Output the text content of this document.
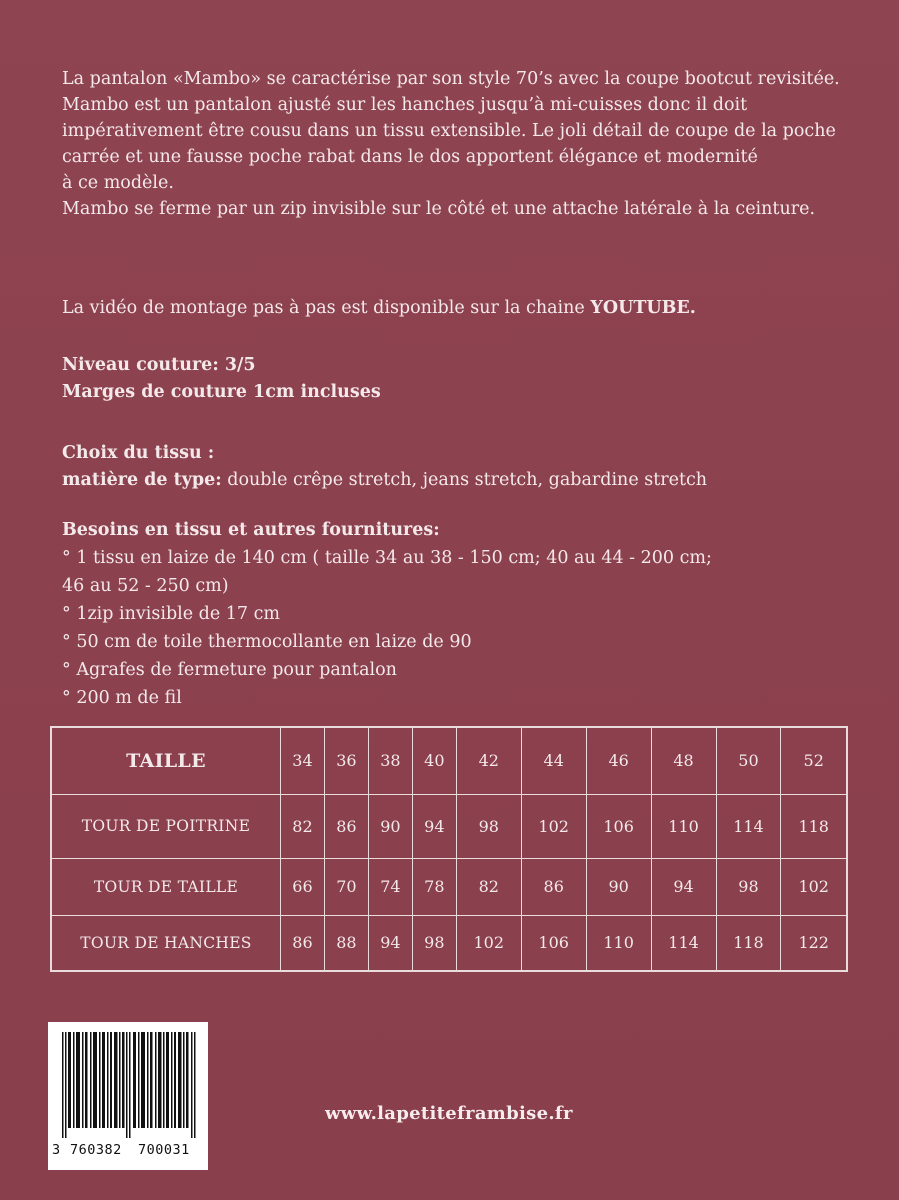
La pantalon «Mambo» se caractérise par son style 70’s avec la coupe bootcut revisitée.

Mambo est un pantalon ajusté sur les hanches jusqu’à mi-cuisses donc il doit

impérativement être cousu dans un tissu extensible. Le joli détail de coupe de la poche

carrée et une fausse poche rabat dans le dos apportent élégance et modernité

à ce modèle.

Mambo se ferme par un zip invisible sur le côté et une attache latérale à la ceinture.

La vidéo de montage pas à pas est disponible sur la chaine YOUTUBE.
Niveau couture: 3/5
Marges de couture 1cm incluses
Choix du tissu :
matière de type: double crêpe stretch, jeans stretch, gabardine stretch
Besoins en tissu et autres fournitures:

° 1 tissu en laize de 140 cm ( taille 34 au 38 - 150 cm; 40 au 44 - 200 cm;

46 au 52 - 250 cm)

° 1zip invisible de 17 cm

° 50 cm de toile thermocollante en laize de 90

° Agrafes de fermeture pour pantalon

° 200 m de fil

TAILLE	34	36	38	40	42	44	46	48	50	52
TOUR DE POITRINE	82	86	90	94	98	102	106	110	114	118
TOUR DE TAILLE	66	70	74	78	82	86	90	94	98	102
TOUR DE HANCHES	86	88	94	98	102	106	110	114	118	122
3 760382 700031
www.lapetiteframbise.fr
